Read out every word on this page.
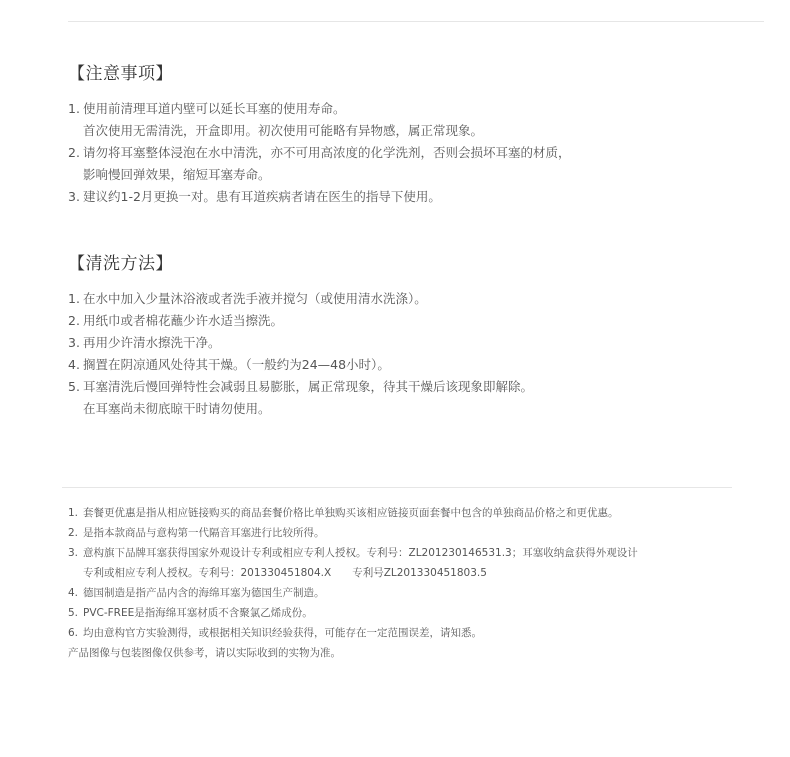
【注意事项】
1. 使用前清理耳道内壁可以延长耳塞的使用寿命。
首次使用无需清洗，开盒即用。初次使用可能略有异物感，属正常现象。
2. 请勿将耳塞整体浸泡在水中清洗，亦不可用高浓度的化学洗剂，否则会损坏耳塞的材质，
影响慢回弹效果，缩短耳塞寿命。
3. 建议约1-2月更换一对。患有耳道疾病者请在医生的指导下使用。
【清洗方法】
1. 在水中加入少量沐浴液或者洗手液并搅匀（或使用清水洗涤）。
2. 用纸巾或者棉花蘸少许水适当擦洗。
3. 再用少许清水擦洗干净。
4. 搁置在阴凉通风处待其干燥。（一般约为24—48小时）。
5. 耳塞清洗后慢回弹特性会减弱且易膨胀，属正常现象，待其干燥后该现象即解除。
在耳塞尚未彻底晾干时请勿使用。
1. 套餐更优惠是指从相应链接购买的商品套餐价格比单独购买该相应链接页面套餐中包含的单独商品价格之和更优惠。
2. 是指本款商品与意构第一代隔音耳塞进行比较所得。
3. 意构旗下品牌耳塞获得国家外观设计专利或相应专利人授权。专利号：ZL201230146531.3；耳塞收纳盒获得外观设计
专利或相应专利人授权。专利号：201330451804.X　　专利号ZL201330451803.5
4. 德国制造是指产品内含的海绵耳塞为德国生产制造。
5. PVC-FREE是指海绵耳塞材质不含聚氯乙烯成份。
6. 均由意构官方实验测得，或根据相关知识经验获得，可能存在一定范围误差，请知悉。
产品图像与包装图像仅供参考，请以实际收到的实物为准。
